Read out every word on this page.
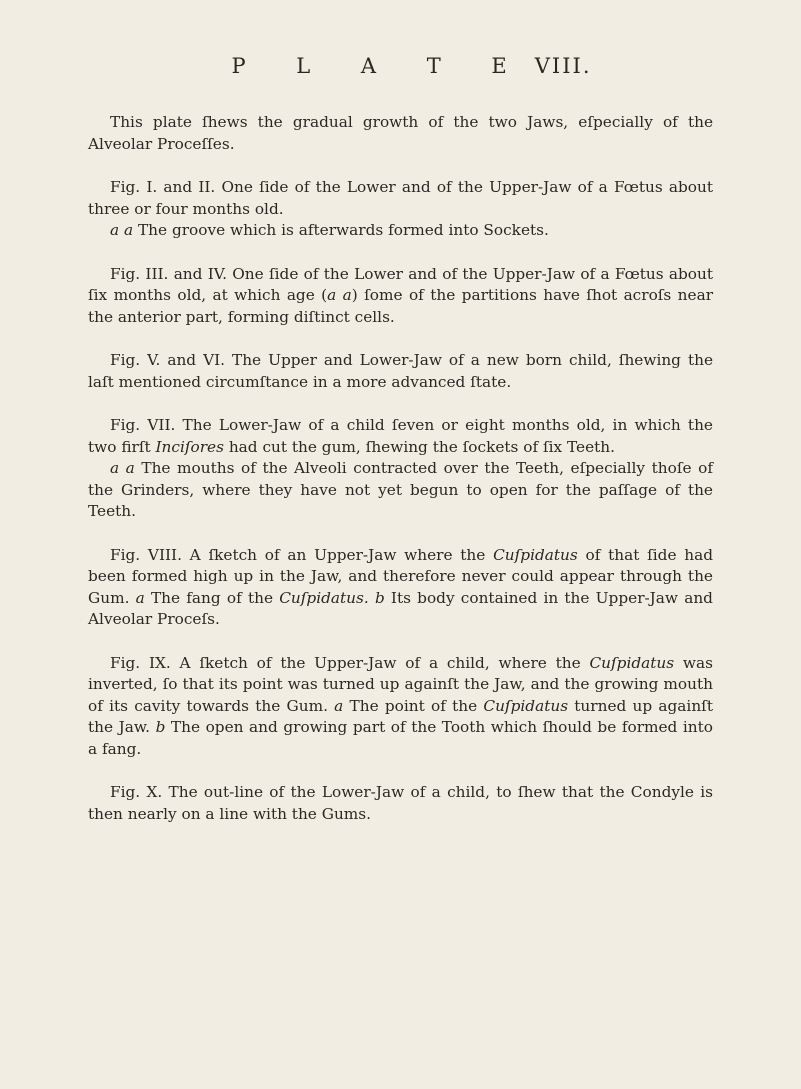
P L A T E VIII.

This plate ſhews the gradual growth of the two Jaws, eſpecially of the Alveolar Proceſſes.

Fig. I. and II. One ſide of the Lower and of the Upper-Jaw of a Fœtus about three or four months old.

a a The groove which is afterwards formed into Sockets.

Fig. III. and IV. One ſide of the Lower and of the Upper-Jaw of a Fœtus about ſix months old, at which age (a a) ſome of the partitions have ſhot acroſs near the anterior part, forming diſtinct cells.

Fig. V. and VI. The Upper and Lower-Jaw of a new born child, ſhewing the laſt mentioned circumſtance in a more advanced ſtate.

Fig. VII. The Lower-Jaw of a child ſeven or eight months old, in which the two firſt Inciſores had cut the gum, ſhewing the ſockets of ſix Teeth.

a a The mouths of the Alveoli contracted over the Teeth, eſpecially thoſe of the Grinders, where they have not yet begun to open for the paſſage of the Teeth.

Fig. VIII. A ſketch of an Upper-Jaw where the Cuſpidatus of that ſide had been formed high up in the Jaw, and therefore never could appear through the Gum. a The fang of the Cuſpidatus. b Its body contained in the Upper-Jaw and Alveolar Proceſs.

Fig. IX. A ſketch of the Upper-Jaw of a child, where the Cuſpidatus was inverted, ſo that its point was turned up againſt the Jaw, and the growing mouth of its cavity towards the Gum. a The point of the Cuſpidatus turned up againſt the Jaw. b The open and growing part of the Tooth which ſhould be formed into a fang.

Fig. X. The out-line of the Lower-Jaw of a child, to ſhew that the Condyle is then nearly on a line with the Gums.
